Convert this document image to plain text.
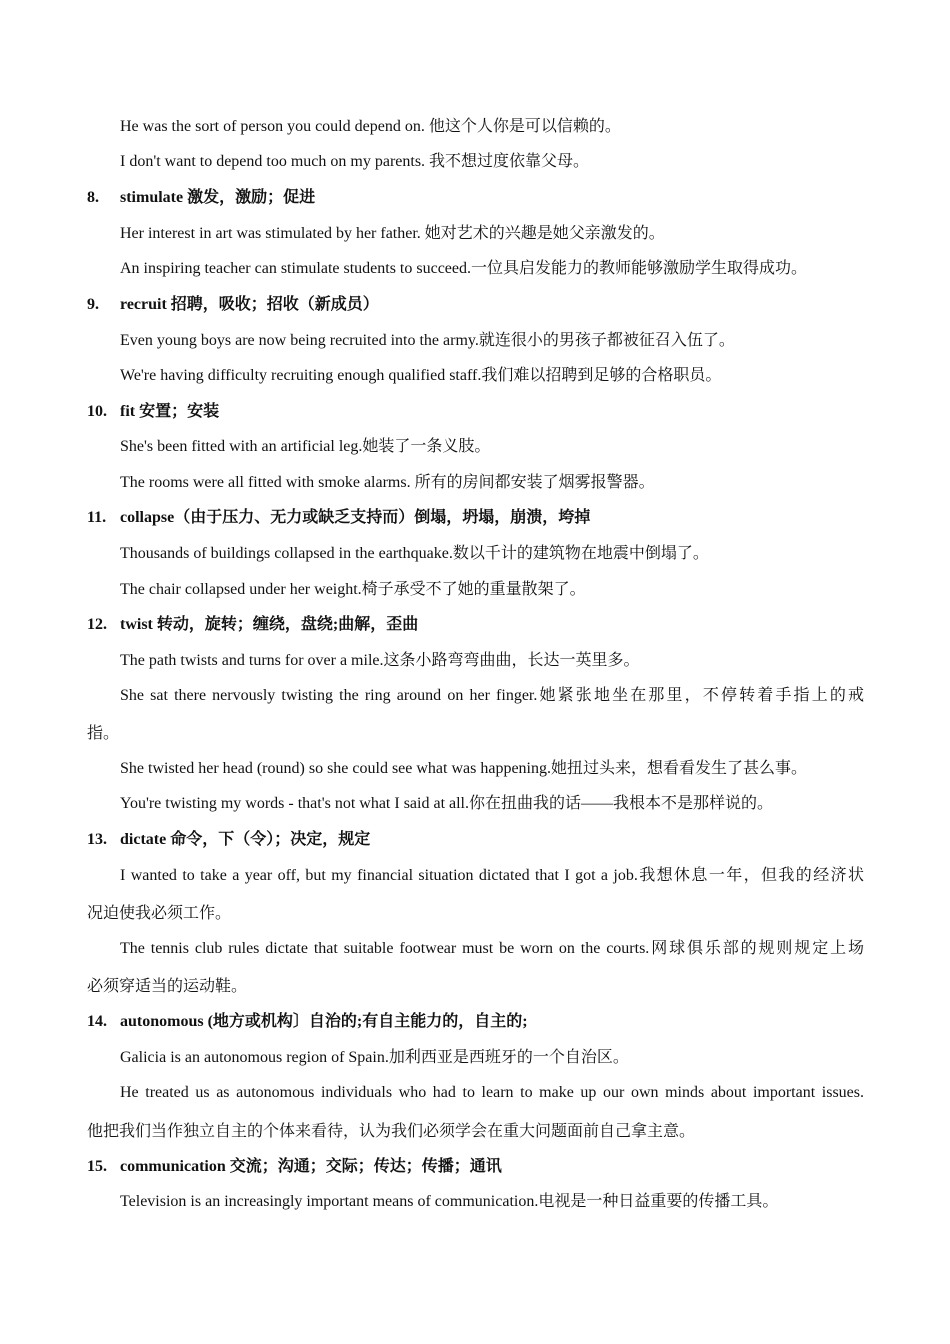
He was the sort of person you could depend on. 他这个人你是可以信赖的。
I don't want to depend too much on my parents. 我不想过度依靠父母。
8. stimulate 激发，激励；促进
Her interest in art was stimulated by her father. 她对艺术的兴趣是她父亲激发的。
An inspiring teacher can stimulate students to succeed.一位具启发能力的教师能够激励学生取得成功。
9. recruit 招聘，吸收；招收（新成员）
Even young boys are now being recruited into the army.就连很小的男孩子都被征召入伍了。
We're having difficulty recruiting enough qualified staff.我们难以招聘到足够的合格职员。
10. fit 安置；安装
She's been fitted with an artificial leg.她装了一条义肢。
The rooms were all fitted with smoke alarms. 所有的房间都安装了烟雾报警器。
11. collapse（由于压力、无力或缺乏支持而）倒塌，坍塌，崩溃，垮掉
Thousands of buildings collapsed in the earthquake.数以千计的建筑物在地震中倒塌了。
The chair collapsed under her weight.椅子承受不了她的重量散架了。
12. twist 转动，旋转；缠绕，盘绕;曲解，歪曲
The path twists and turns for over a mile.这条小路弯弯曲曲，长达一英里多。
She sat there nervously twisting the ring around on her finger.她紧张地坐在那里，不停转着手指上的戒
指。
She twisted her head (round) so she could see what was happening.她扭过头来，想看看发生了甚么事。
You're twisting my words - that's not what I said at all.你在扭曲我的话——我根本不是那样说的。
13. dictate 命令，下（令）；决定，规定
I wanted to take a year off, but my financial situation dictated that I got a job.我想休息一年，但我的经济状
况迫使我必须工作。
The tennis club rules dictate that suitable footwear must be worn on the courts.网球俱乐部的规则规定上场
必须穿适当的运动鞋。
14. autonomous (地方或机构〕自治的;有自主能力的，自主的;
Galicia is an autonomous region of Spain.加利西亚是西班牙的一个自治区。
He treated us as autonomous individuals who had to learn to make up our own minds about important issues.
他把我们当作独立自主的个体来看待，认为我们必须学会在重大问题面前自己拿主意。
15. communication 交流；沟通；交际；传达；传播；通讯
Television is an increasingly important means of communication.电视是一种日益重要的传播工具。
